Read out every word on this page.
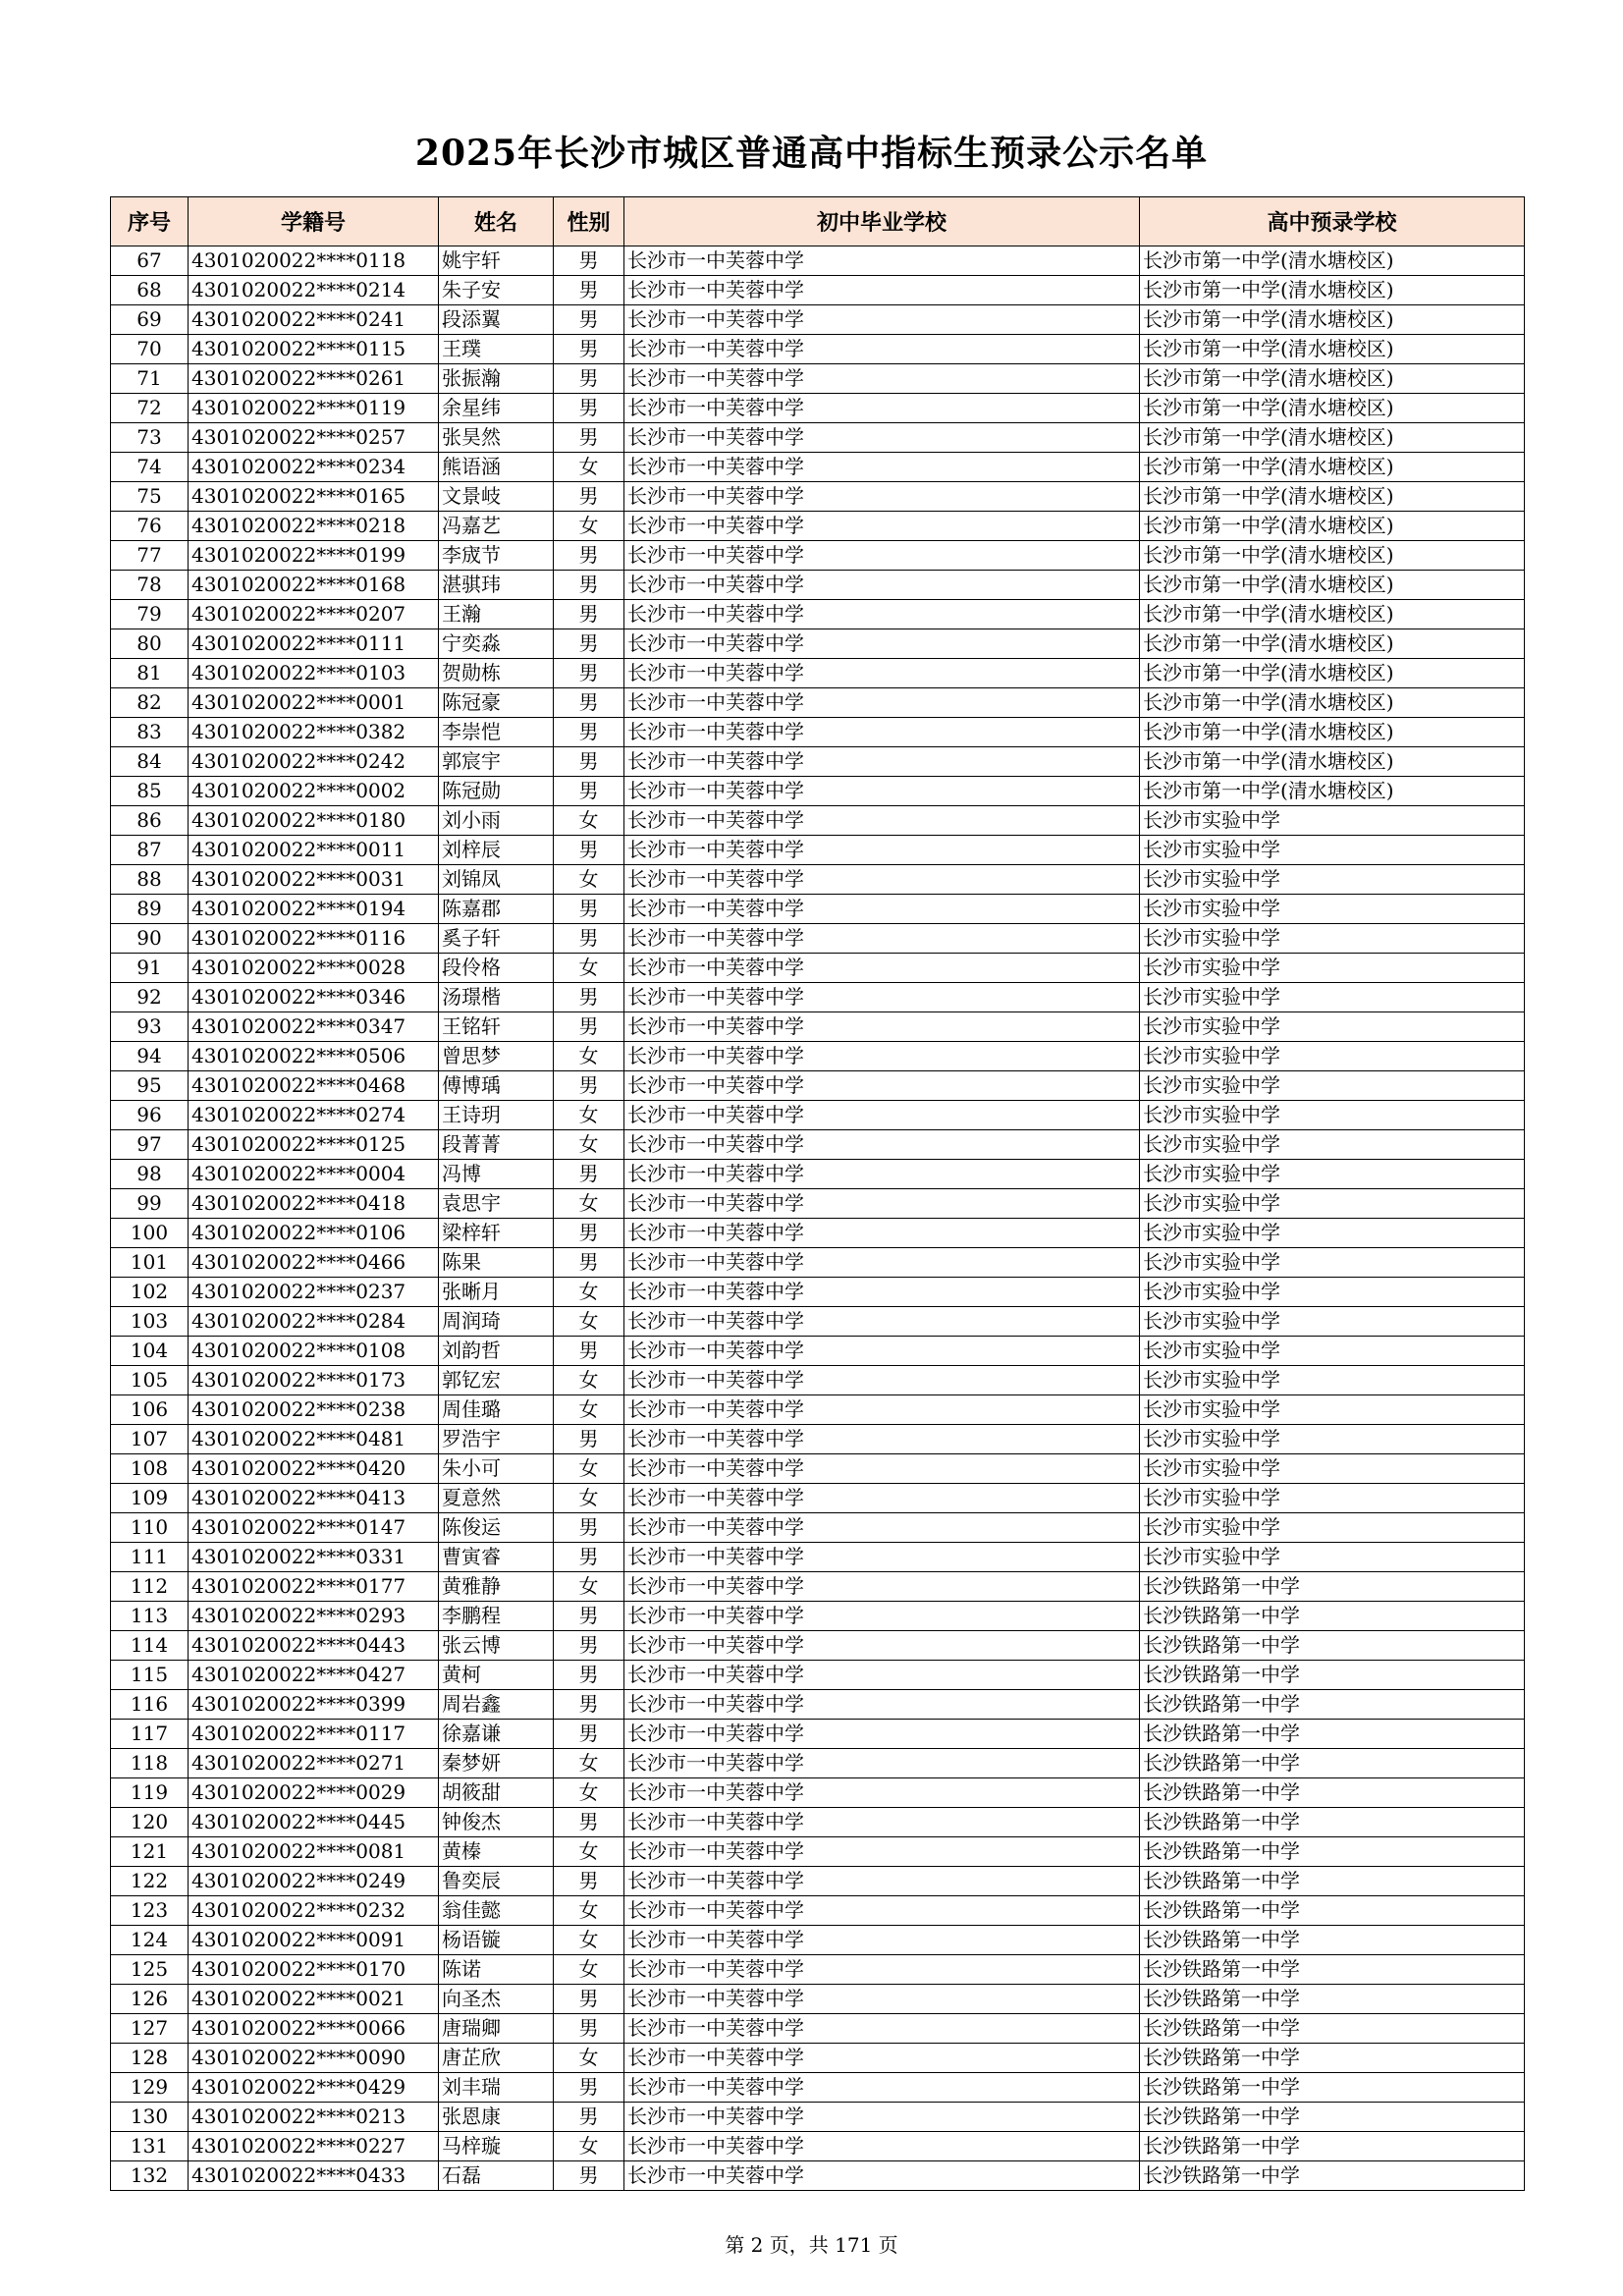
2025年长沙市城区普通高中指标生预录公示名单
序号	学籍号	姓名	性别	初中毕业学校	高中预录学校
67	4301020022****0118	姚宇轩	男	长沙市一中芙蓉中学	长沙市第一中学(清水塘校区)
68	4301020022****0214	朱子安	男	长沙市一中芙蓉中学	长沙市第一中学(清水塘校区)
69	4301020022****0241	段添翼	男	长沙市一中芙蓉中学	长沙市第一中学(清水塘校区)
70	4301020022****0115	王璞	男	长沙市一中芙蓉中学	长沙市第一中学(清水塘校区)
71	4301020022****0261	张振瀚	男	长沙市一中芙蓉中学	长沙市第一中学(清水塘校区)
72	4301020022****0119	余星纬	男	长沙市一中芙蓉中学	长沙市第一中学(清水塘校区)
73	4301020022****0257	张昊然	男	长沙市一中芙蓉中学	长沙市第一中学(清水塘校区)
74	4301020022****0234	熊语涵	女	长沙市一中芙蓉中学	长沙市第一中学(清水塘校区)
75	4301020022****0165	文景岐	男	长沙市一中芙蓉中学	长沙市第一中学(清水塘校区)
76	4301020022****0218	冯嘉艺	女	长沙市一中芙蓉中学	长沙市第一中学(清水塘校区)
77	4301020022****0199	李宬节	男	长沙市一中芙蓉中学	长沙市第一中学(清水塘校区)
78	4301020022****0168	湛骐玮	男	长沙市一中芙蓉中学	长沙市第一中学(清水塘校区)
79	4301020022****0207	王瀚	男	长沙市一中芙蓉中学	长沙市第一中学(清水塘校区)
80	4301020022****0111	宁奕淼	男	长沙市一中芙蓉中学	长沙市第一中学(清水塘校区)
81	4301020022****0103	贺勋栋	男	长沙市一中芙蓉中学	长沙市第一中学(清水塘校区)
82	4301020022****0001	陈冠豪	男	长沙市一中芙蓉中学	长沙市第一中学(清水塘校区)
83	4301020022****0382	李崇恺	男	长沙市一中芙蓉中学	长沙市第一中学(清水塘校区)
84	4301020022****0242	郭宸宇	男	长沙市一中芙蓉中学	长沙市第一中学(清水塘校区)
85	4301020022****0002	陈冠勋	男	长沙市一中芙蓉中学	长沙市第一中学(清水塘校区)
86	4301020022****0180	刘小雨	女	长沙市一中芙蓉中学	长沙市实验中学
87	4301020022****0011	刘梓辰	男	长沙市一中芙蓉中学	长沙市实验中学
88	4301020022****0031	刘锦凤	女	长沙市一中芙蓉中学	长沙市实验中学
89	4301020022****0194	陈嘉郡	男	长沙市一中芙蓉中学	长沙市实验中学
90	4301020022****0116	奚子轩	男	长沙市一中芙蓉中学	长沙市实验中学
91	4301020022****0028	段伶格	女	长沙市一中芙蓉中学	长沙市实验中学
92	4301020022****0346	汤璟楷	男	长沙市一中芙蓉中学	长沙市实验中学
93	4301020022****0347	王铭轩	男	长沙市一中芙蓉中学	长沙市实验中学
94	4301020022****0506	曾思梦	女	长沙市一中芙蓉中学	长沙市实验中学
95	4301020022****0468	傅博瑀	男	长沙市一中芙蓉中学	长沙市实验中学
96	4301020022****0274	王诗玥	女	长沙市一中芙蓉中学	长沙市实验中学
97	4301020022****0125	段菁菁	女	长沙市一中芙蓉中学	长沙市实验中学
98	4301020022****0004	冯博	男	长沙市一中芙蓉中学	长沙市实验中学
99	4301020022****0418	袁思宇	女	长沙市一中芙蓉中学	长沙市实验中学
100	4301020022****0106	梁梓轩	男	长沙市一中芙蓉中学	长沙市实验中学
101	4301020022****0466	陈果	男	长沙市一中芙蓉中学	长沙市实验中学
102	4301020022****0237	张晰月	女	长沙市一中芙蓉中学	长沙市实验中学
103	4301020022****0284	周润琦	女	长沙市一中芙蓉中学	长沙市实验中学
104	4301020022****0108	刘韵哲	男	长沙市一中芙蓉中学	长沙市实验中学
105	4301020022****0173	郭钇宏	女	长沙市一中芙蓉中学	长沙市实验中学
106	4301020022****0238	周佳璐	女	长沙市一中芙蓉中学	长沙市实验中学
107	4301020022****0481	罗浩宇	男	长沙市一中芙蓉中学	长沙市实验中学
108	4301020022****0420	朱小可	女	长沙市一中芙蓉中学	长沙市实验中学
109	4301020022****0413	夏意然	女	长沙市一中芙蓉中学	长沙市实验中学
110	4301020022****0147	陈俊运	男	长沙市一中芙蓉中学	长沙市实验中学
111	4301020022****0331	曹寅睿	男	长沙市一中芙蓉中学	长沙市实验中学
112	4301020022****0177	黄雅静	女	长沙市一中芙蓉中学	长沙铁路第一中学
113	4301020022****0293	李鹏程	男	长沙市一中芙蓉中学	长沙铁路第一中学
114	4301020022****0443	张云博	男	长沙市一中芙蓉中学	长沙铁路第一中学
115	4301020022****0427	黄柯	男	长沙市一中芙蓉中学	长沙铁路第一中学
116	4301020022****0399	周岩鑫	男	长沙市一中芙蓉中学	长沙铁路第一中学
117	4301020022****0117	徐嘉谦	男	长沙市一中芙蓉中学	长沙铁路第一中学
118	4301020022****0271	秦梦妍	女	长沙市一中芙蓉中学	长沙铁路第一中学
119	4301020022****0029	胡筱甜	女	长沙市一中芙蓉中学	长沙铁路第一中学
120	4301020022****0445	钟俊杰	男	长沙市一中芙蓉中学	长沙铁路第一中学
121	4301020022****0081	黄榛	女	长沙市一中芙蓉中学	长沙铁路第一中学
122	4301020022****0249	鲁奕辰	男	长沙市一中芙蓉中学	长沙铁路第一中学
123	4301020022****0232	翁佳懿	女	长沙市一中芙蓉中学	长沙铁路第一中学
124	4301020022****0091	杨语镟	女	长沙市一中芙蓉中学	长沙铁路第一中学
125	4301020022****0170	陈诺	女	长沙市一中芙蓉中学	长沙铁路第一中学
126	4301020022****0021	向圣杰	男	长沙市一中芙蓉中学	长沙铁路第一中学
127	4301020022****0066	唐瑞卿	男	长沙市一中芙蓉中学	长沙铁路第一中学
128	4301020022****0090	唐芷欣	女	长沙市一中芙蓉中学	长沙铁路第一中学
129	4301020022****0429	刘丰瑞	男	长沙市一中芙蓉中学	长沙铁路第一中学
130	4301020022****0213	张恩康	男	长沙市一中芙蓉中学	长沙铁路第一中学
131	4301020022****0227	马梓璇	女	长沙市一中芙蓉中学	长沙铁路第一中学
132	4301020022****0433	石磊	男	长沙市一中芙蓉中学	长沙铁路第一中学
第 2 页，共 171 页
